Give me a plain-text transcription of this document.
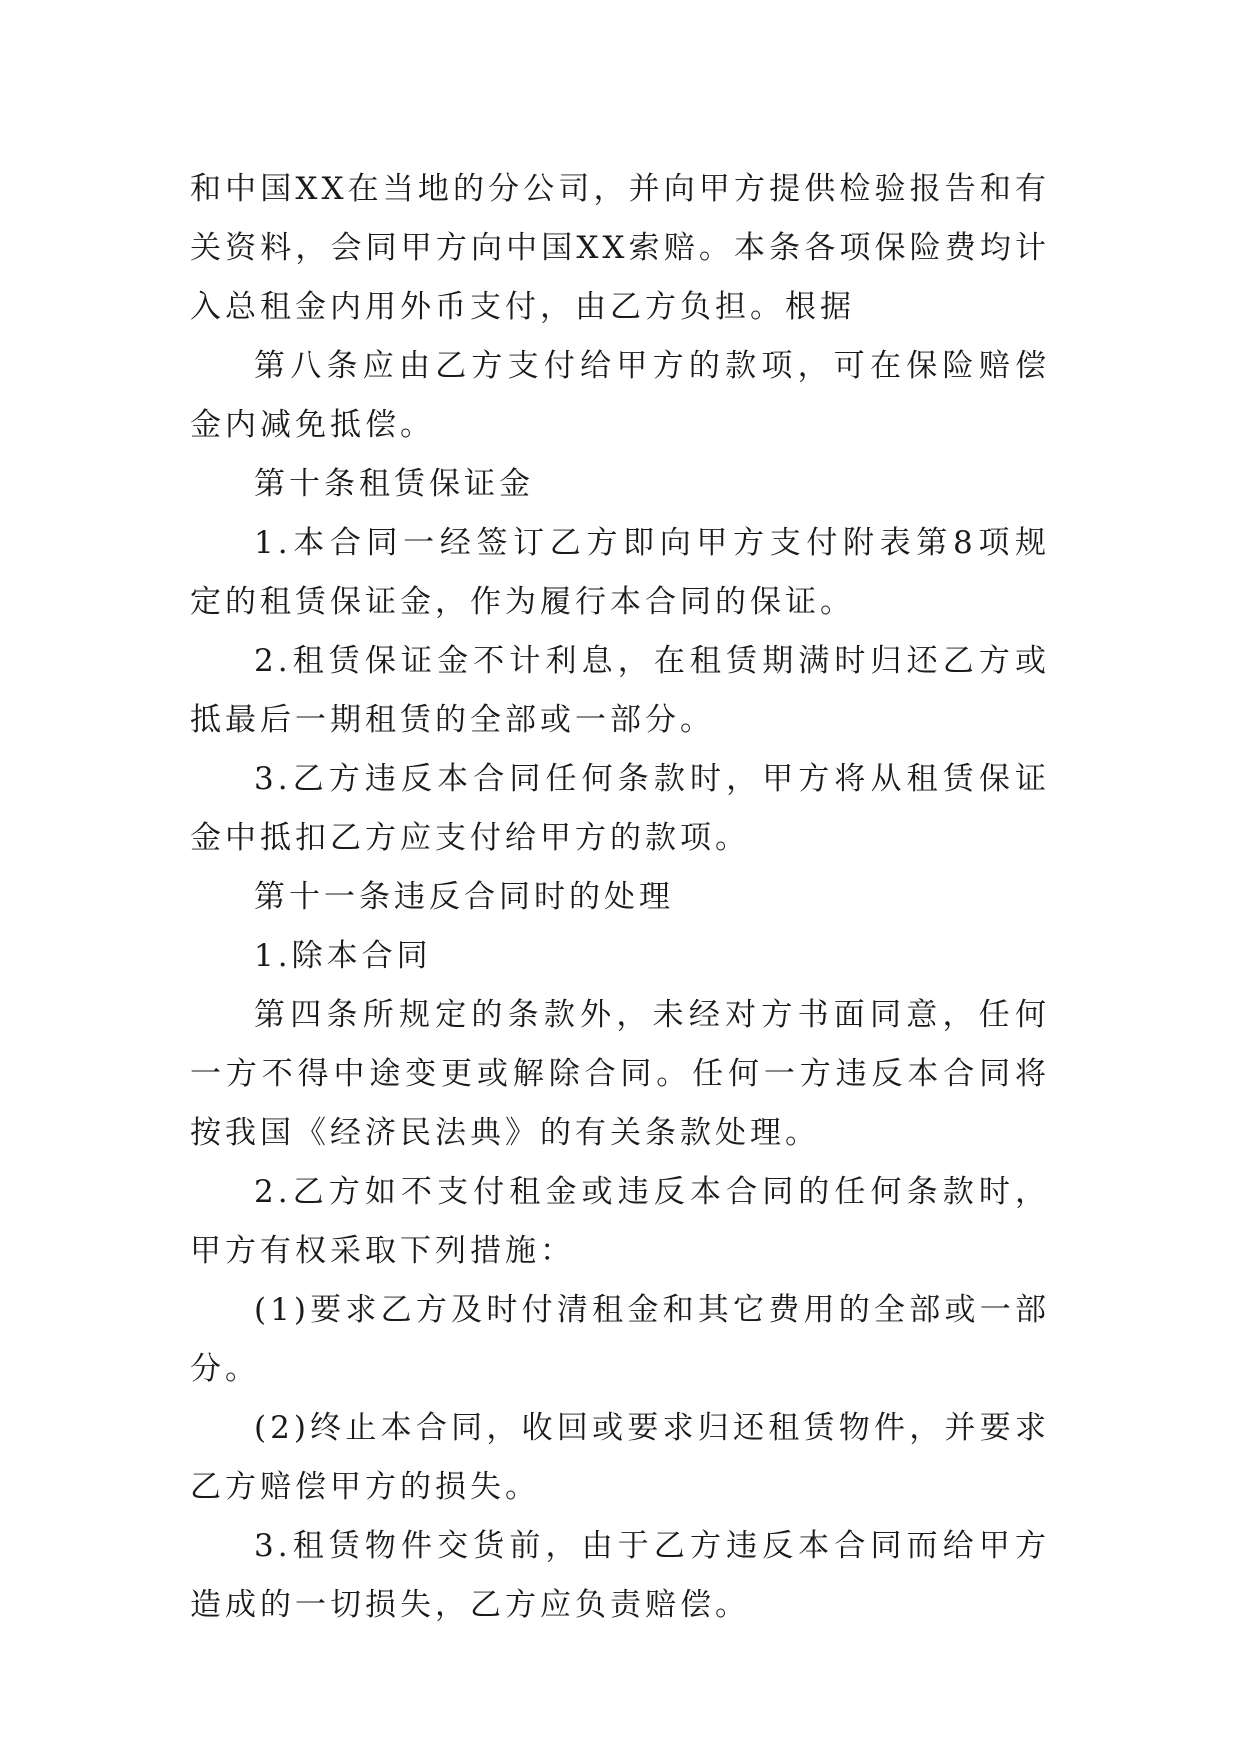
和中国XX在当地的分公司，并向甲方提供检验报告和有关资料，会同甲方向中国XX索赔。本条各项保险费均计入总租金内用外币支付，由乙方负担。根据

第八条应由乙方支付给甲方的款项，可在保险赔偿金内减免抵偿。

第十条租赁保证金

1.本合同一经签订乙方即向甲方支付附表第8项规定的租赁保证金，作为履行本合同的保证。

2.租赁保证金不计利息，在租赁期满时归还乙方或抵最后一期租赁的全部或一部分。

3.乙方违反本合同任何条款时，甲方将从租赁保证金中抵扣乙方应支付给甲方的款项。

第十一条违反合同时的处理

1.除本合同

第四条所规定的条款外，未经对方书面同意，任何一方不得中途变更或解除合同。任何一方违反本合同将按我国《经济民法典》的有关条款处理。

2.乙方如不支付租金或违反本合同的任何条款时，甲方有权采取下列措施：

(1)要求乙方及时付清租金和其它费用的全部或一部分。

(2)终止本合同，收回或要求归还租赁物件，并要求乙方赔偿甲方的损失。

3.租赁物件交货前，由于乙方违反本合同而给甲方造成的一切损失，乙方应负责赔偿。
